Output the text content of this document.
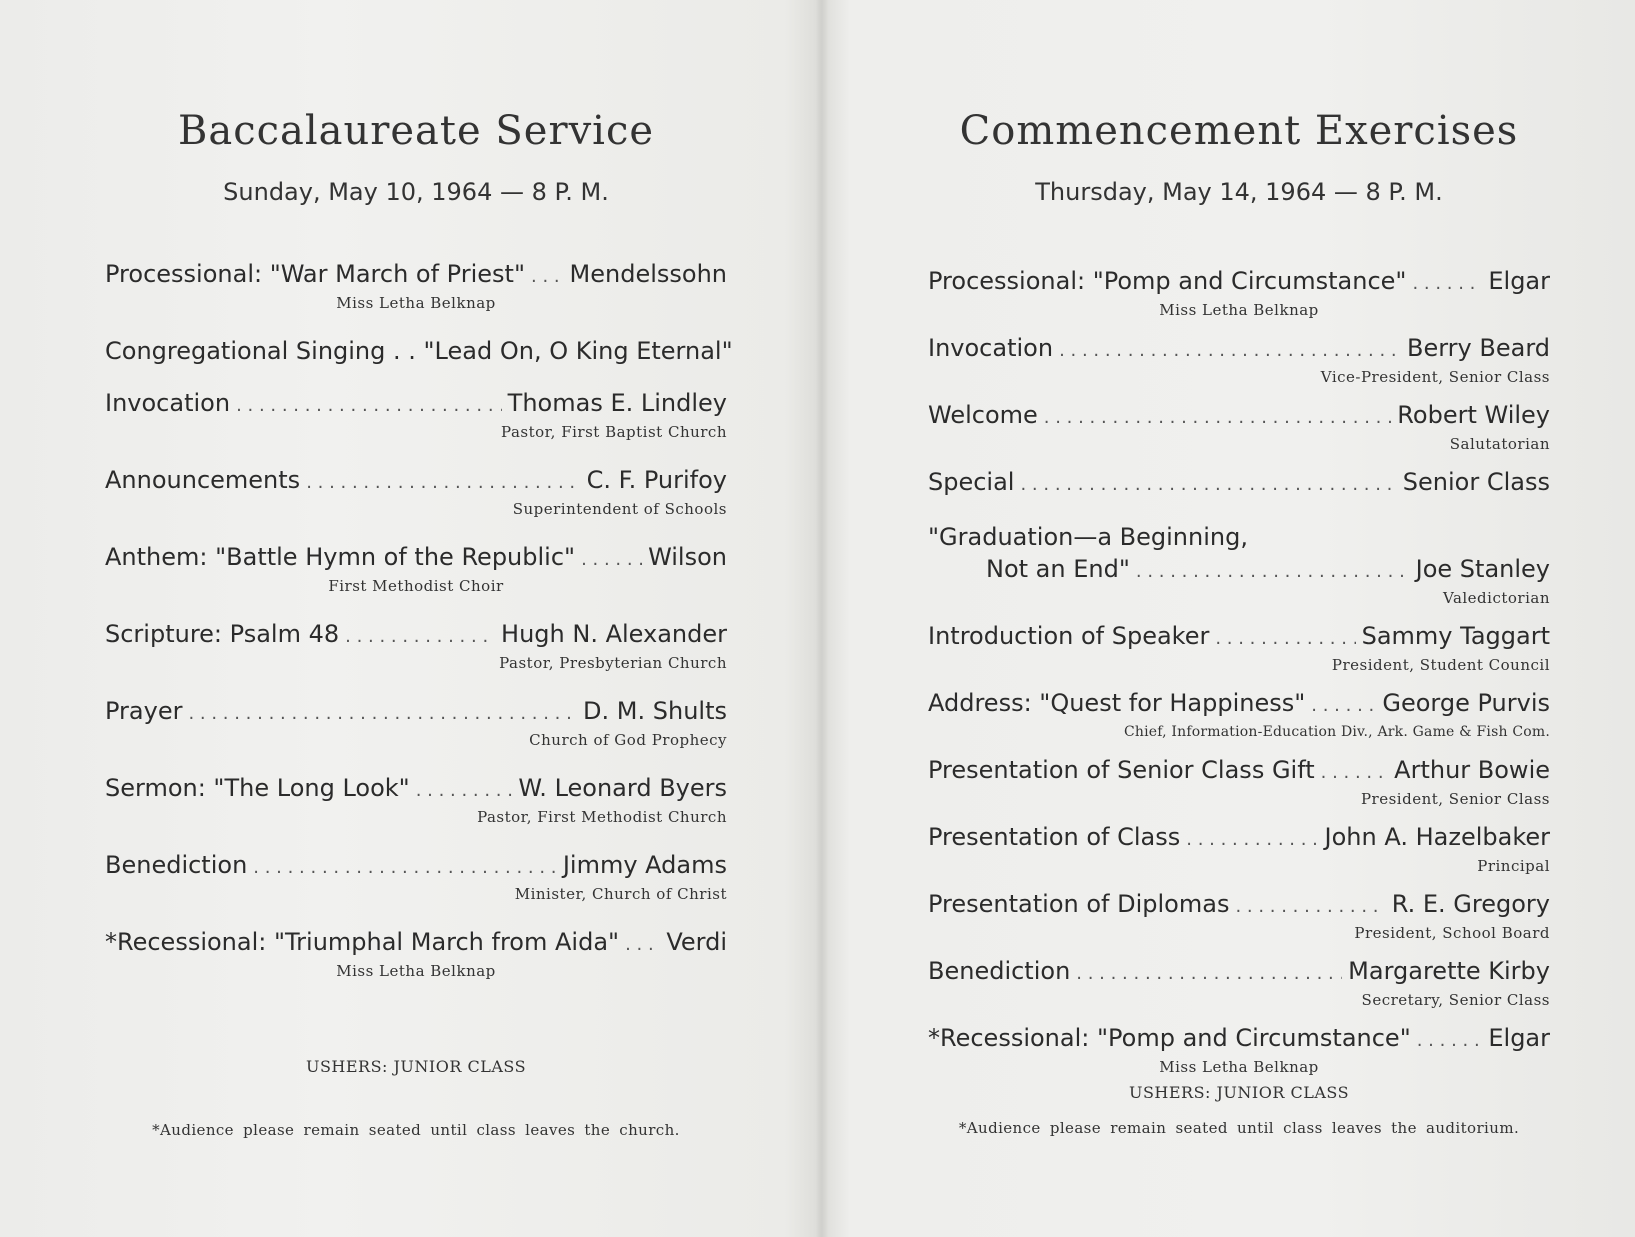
Baccalaureate Service
Sunday, May 10, 1964 — 8 P. M.
Processional: "War March of Priest" . . . Mendelssohn
Miss Letha Belknap
Congregational Singing . . "Lead On, O King Eternal"
Invocation . . .	Thomas E. Lindley
Pastor, First Baptist Church
Announcements . . .	C. F. Purifoy
Superintendent of Schools
Anthem: "Battle Hymn of the Republic" . . .	Wilson
First Methodist Choir
Scripture: Psalm 48 . . .	Hugh N. Alexander
Pastor, Presbyterian Church
Prayer . . .	D. M. Shults
Church of God Prophecy
Sermon: "The Long Look" . . .	W. Leonard Byers
Pastor, First Methodist Church
Benediction . . .	Jimmy Adams
Minister, Church of Christ
*Recessional: "Triumphal March from Aida" . . . Verdi
Miss Letha Belknap
USHERS: JUNIOR CLASS
*Audience please remain seated until class leaves the church.
Commencement Exercises
Thursday, May 14, 1964 — 8 P. M.
Processional: "Pomp and Circumstance" . . .	Elgar
Miss Letha Belknap
Invocation . . .	Berry Beard
Vice-President, Senior Class
Welcome . . .	Robert Wiley
Salutatorian
Special . . .	Senior Class
"Graduation—a Beginning,
Not an End" . . .	Joe Stanley
Valedictorian
Introduction of Speaker . . .	Sammy Taggart
President, Student Council
Address: "Quest for Happiness" . . .	George Purvis
Chief, Information-Education Div., Ark. Game & Fish Com.
Presentation of Senior Class Gift . . .	Arthur Bowie
President, Senior Class
Presentation of Class . . .	John A. Hazelbaker
Principal
Presentation of Diplomas . . .	R. E. Gregory
President, School Board
Benediction . . .	Margarette Kirby
Secretary, Senior Class
*Recessional: "Pomp and Circumstance" . . .	Elgar
Miss Letha Belknap
USHERS: JUNIOR CLASS
*Audience please remain seated until class leaves the auditorium.
